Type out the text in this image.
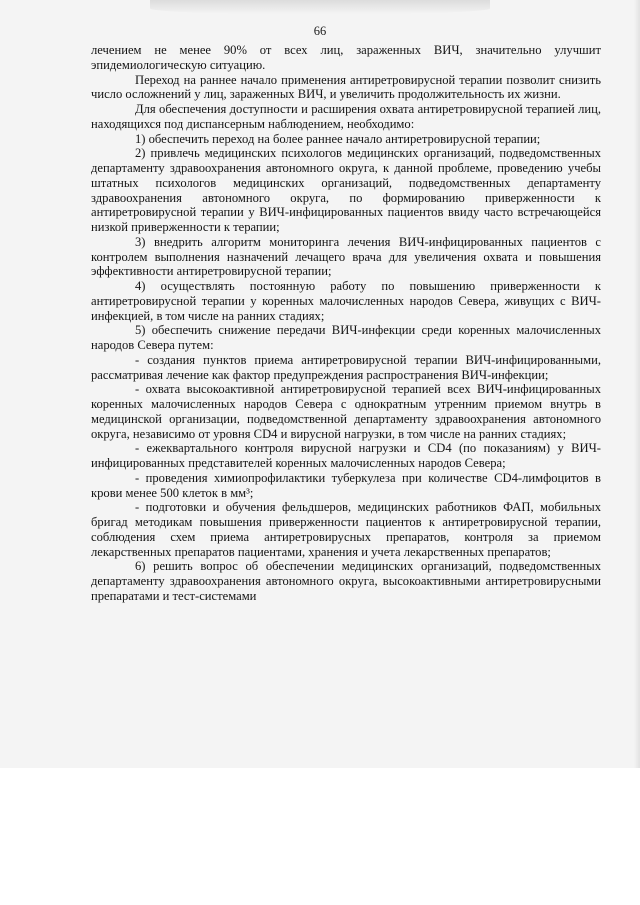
66

лечением не менее 90% от всех лиц, зараженных ВИЧ, значительно улучшит эпидемиологическую ситуацию.

Переход на раннее начало применения антиретровирусной терапии позволит снизить число осложнений у лиц, зараженных ВИЧ, и увеличить продолжительность их жизни.

Для обеспечения доступности и расширения охвата антиретровирусной терапией лиц, находящихся под диспансерным наблюдением, необходимо:

1) обеспечить переход на более раннее начало антиретровирусной терапии;

2) привлечь медицинских психологов медицинских организаций, подведомственных департаменту здравоохранения автономного округа, к данной проблеме, проведению учебы штатных психологов медицинских организаций, подведомственных департаменту здравоохранения автономного округа, по формированию приверженности к антиретровирусной терапии у ВИЧ-инфицированных пациентов ввиду часто встречающейся низкой приверженности к терапии;

3) внедрить алгоритм мониторинга лечения ВИЧ-инфицированных пациентов с контролем выполнения назначений лечащего врача для увеличения охвата и повышения эффективности антиретровирусной терапии;

4) осуществлять постоянную работу по повышению приверженности к антиретровирусной терапии у коренных малочисленных народов Севера, живущих с ВИЧ-инфекцией, в том числе на ранних стадиях;

5) обеспечить снижение передачи ВИЧ-инфекции среди коренных малочисленных народов Севера путем:

- создания пунктов приема антиретровирусной терапии ВИЧ-инфицированными, рассматривая лечение как фактор предупреждения распространения ВИЧ-инфекции;

- охвата высокоактивной антиретровирусной терапией всех ВИЧ-инфицированных коренных малочисленных народов Севера с однократным утренним приемом внутрь в медицинской организации, подведомственной департаменту здравоохранения автономного округа, независимо от уровня CD4 и вирусной нагрузки, в том числе на ранних стадиях;

- ежеквартального контроля вирусной нагрузки и CD4 (по показаниям) у ВИЧ-инфицированных представителей коренных малочисленных народов Севера;

- проведения химиопрофилактики туберкулеза при количестве CD4-лимфоцитов в крови менее 500 клеток в мм³;

- подготовки и обучения фельдшеров, медицинских работников ФАП, мобильных бригад методикам повышения приверженности пациентов к антиретровирусной терапии, соблюдения схем приема антиретровирусных препаратов, контроля за приемом лекарственных препаратов пациентами, хранения и учета лекарственных препаратов;

6) решить вопрос об обеспечении медицинских организаций, подведомственных департаменту здравоохранения автономного округа, высокоактивными антиретровирусными препаратами и тест-системами
